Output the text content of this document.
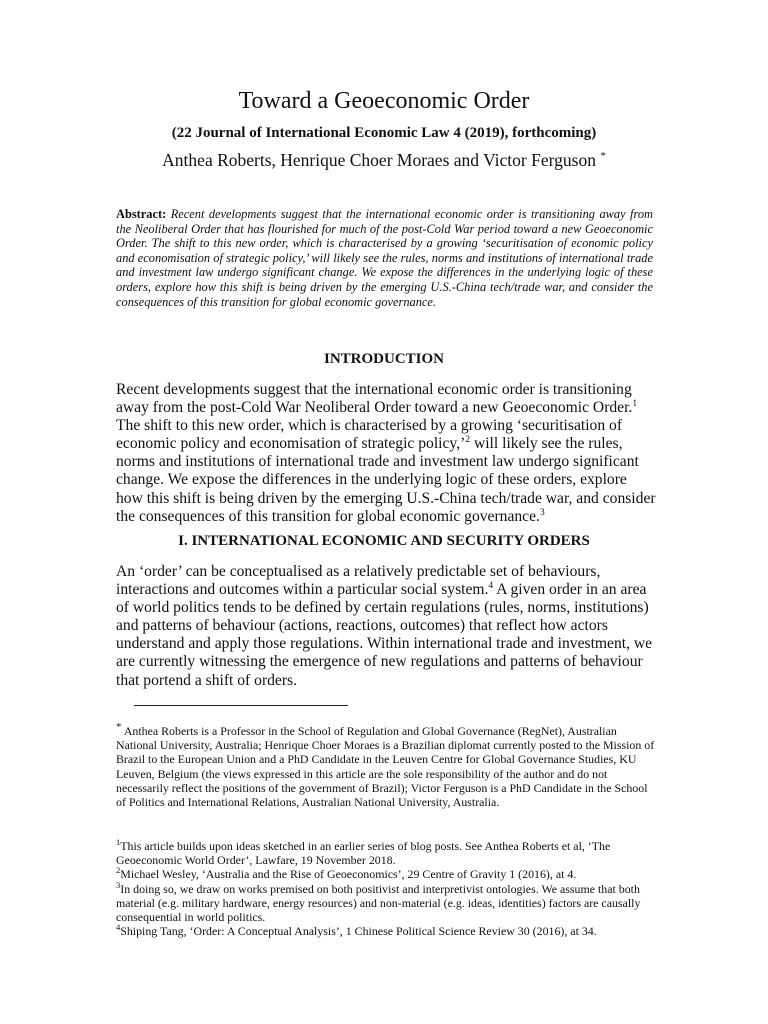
Toward a Geoeconomic Order

(22 Journal of International Economic Law 4 (2019), forthcoming)

Anthea Roberts, Henrique Choer Moraes and Victor Ferguson *

Abstract: Recent developments suggest that the international economic order is transitioning away from the Neoliberal Order that has flourished for much of the post-Cold War period toward a new Geoeconomic Order. The shift to this new order, which is characterised by a growing ‘securitisation of economic policy and economisation of strategic policy,’ will likely see the rules, norms and institutions of international trade and investment law undergo significant change. We expose the differences in the underlying logic of these orders, explore how this shift is being driven by the emerging U.S.-China tech/trade war, and consider the consequences of this transition for global economic governance.

INTRODUCTION

Recent developments suggest that the international economic order is transitioning away from the post-Cold War Neoliberal Order toward a new Geoeconomic Order.$^1$ The shift to this new order, which is characterised by a growing ‘securitisation of economic policy and economisation of strategic policy,’$^2$ will likely see the rules, norms and institutions of international trade and investment law undergo significant change. We expose the differences in the underlying logic of these orders, explore how this shift is being driven by the emerging U.S.-China tech/trade war, and consider the consequences of this transition for global economic governance.$^3$

I. INTERNATIONAL ECONOMIC AND SECURITY ORDERS

An ‘order’ can be conceptualised as a relatively predictable set of behaviours, interactions and outcomes within a particular social system.$^4$ A given order in an area of world politics tends to be defined by certain regulations (rules, norms, institutions) and patterns of behaviour (actions, reactions, outcomes) that reflect how actors understand and apply those regulations. Within international trade and investment, we are currently witnessing the emergence of new regulations and patterns of behaviour that portend a shift of orders.

* Anthea Roberts is a Professor in the School of Regulation and Global Governance (RegNet), Australian National University, Australia; Henrique Choer Moraes is a Brazilian diplomat currently posted to the Mission of Brazil to the European Union and a PhD Candidate in the Leuven Centre for Global Governance Studies, KU Leuven, Belgium (the views expressed in this article are the sole responsibility of the author and do not necessarily reflect the positions of the government of Brazil); Victor Ferguson is a PhD Candidate in the School of Politics and International Relations, Australian National University, Australia.

$^1$This article builds upon ideas sketched in an earlier series of blog posts. See Anthea Roberts et al, ‘The Geoeconomic World Order’, Lawfare, 19 November 2018.

$^2$Michael Wesley, ‘Australia and the Rise of Geoeconomics’, 29 Centre of Gravity 1 (2016), at 4.

$^3$In doing so, we draw on works premised on both positivist and interpretivist ontologies. We assume that both material (e.g. military hardware, energy resources) and non-material (e.g. ideas, identities) factors are causally consequential in world politics.

$^4$Shiping Tang, ‘Order: A Conceptual Analysis’, 1 Chinese Political Science Review 30 (2016), at 34.
